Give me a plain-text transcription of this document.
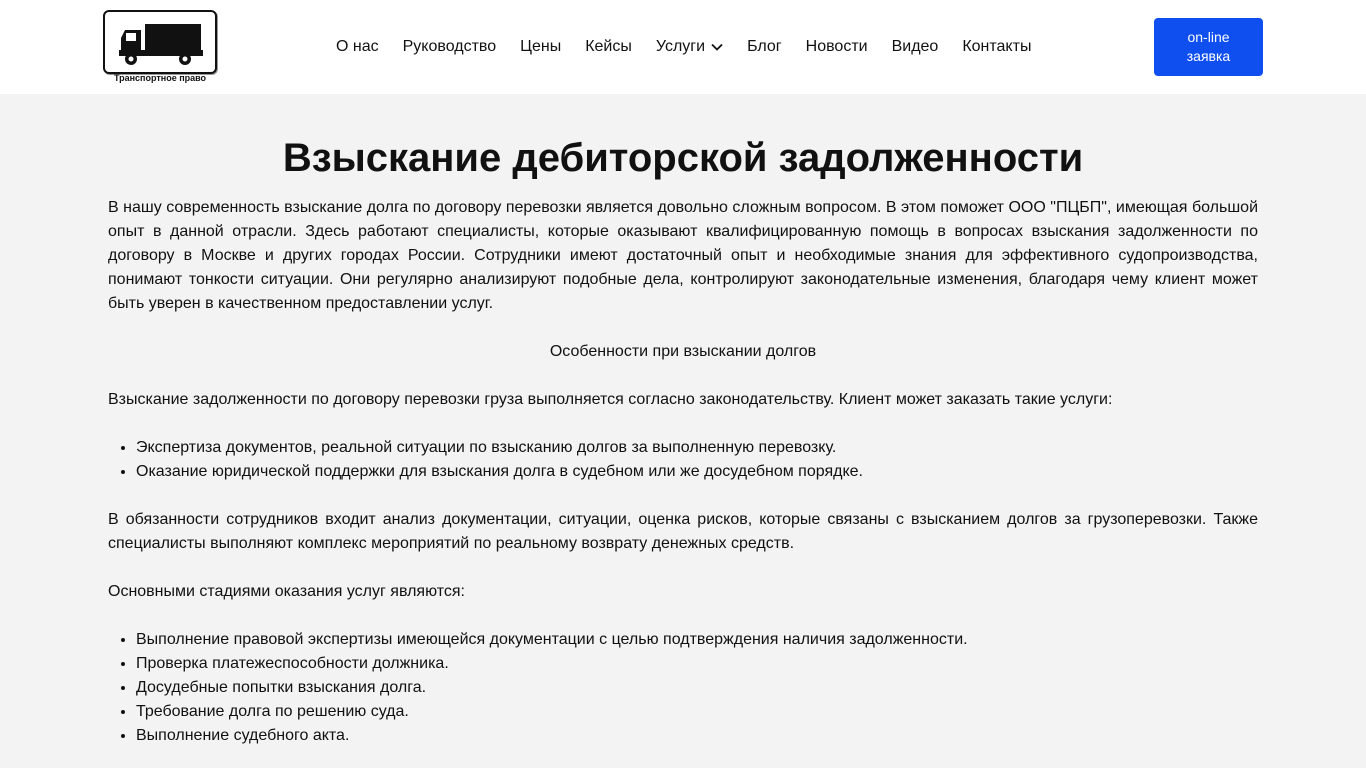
Транспортное право
О нас	Руководство	Цены	Кейсы	Услуги	Блог	Новости	Видео	Контакты
on-line
заявка
Взыскание дебиторской задолженности

В нашу современность взыскание долга по договору перевозки является довольно сложным вопросом. В этом поможет ООО "ПЦБП", имеющая большой опыт в данной отрасли. Здесь работают специалисты, которые оказывают квалифицированную помощь в вопросах взыскания задолженности по договору в Москве и других городах России. Сотрудники имеют достаточный опыт и необходимые знания для эффективного судопроизводства, понимают тонкости ситуации. Они регулярно анализируют подобные дела, контролируют законодательные изменения, благодаря чему клиент может быть уверен в качественном предоставлении услуг.

Особенности при взыскании долгов

Взыскание задолженности по договору перевозки груза выполняется согласно законодательству. Клиент может заказать такие услуги:

• Экспертиза документов, реальной ситуации по взысканию долгов за выполненную перевозку.
• Оказание юридической поддержки для взыскания долга в судебном или же досудебном порядке.

В обязанности сотрудников входит анализ документации, ситуации, оценка рисков, которые связаны с взысканием долгов за грузоперевозки. Также специалисты выполняют комплекс мероприятий по реальному возврату денежных средств.

Основными стадиями оказания услуг являются:

• Выполнение правовой экспертизы имеющейся документации с целью подтверждения наличия задолженности.
• Проверка платежеспособности должника.
• Досудебные попытки взыскания долга.
• Требование долга по решению суда.
• Выполнение судебного акта.
